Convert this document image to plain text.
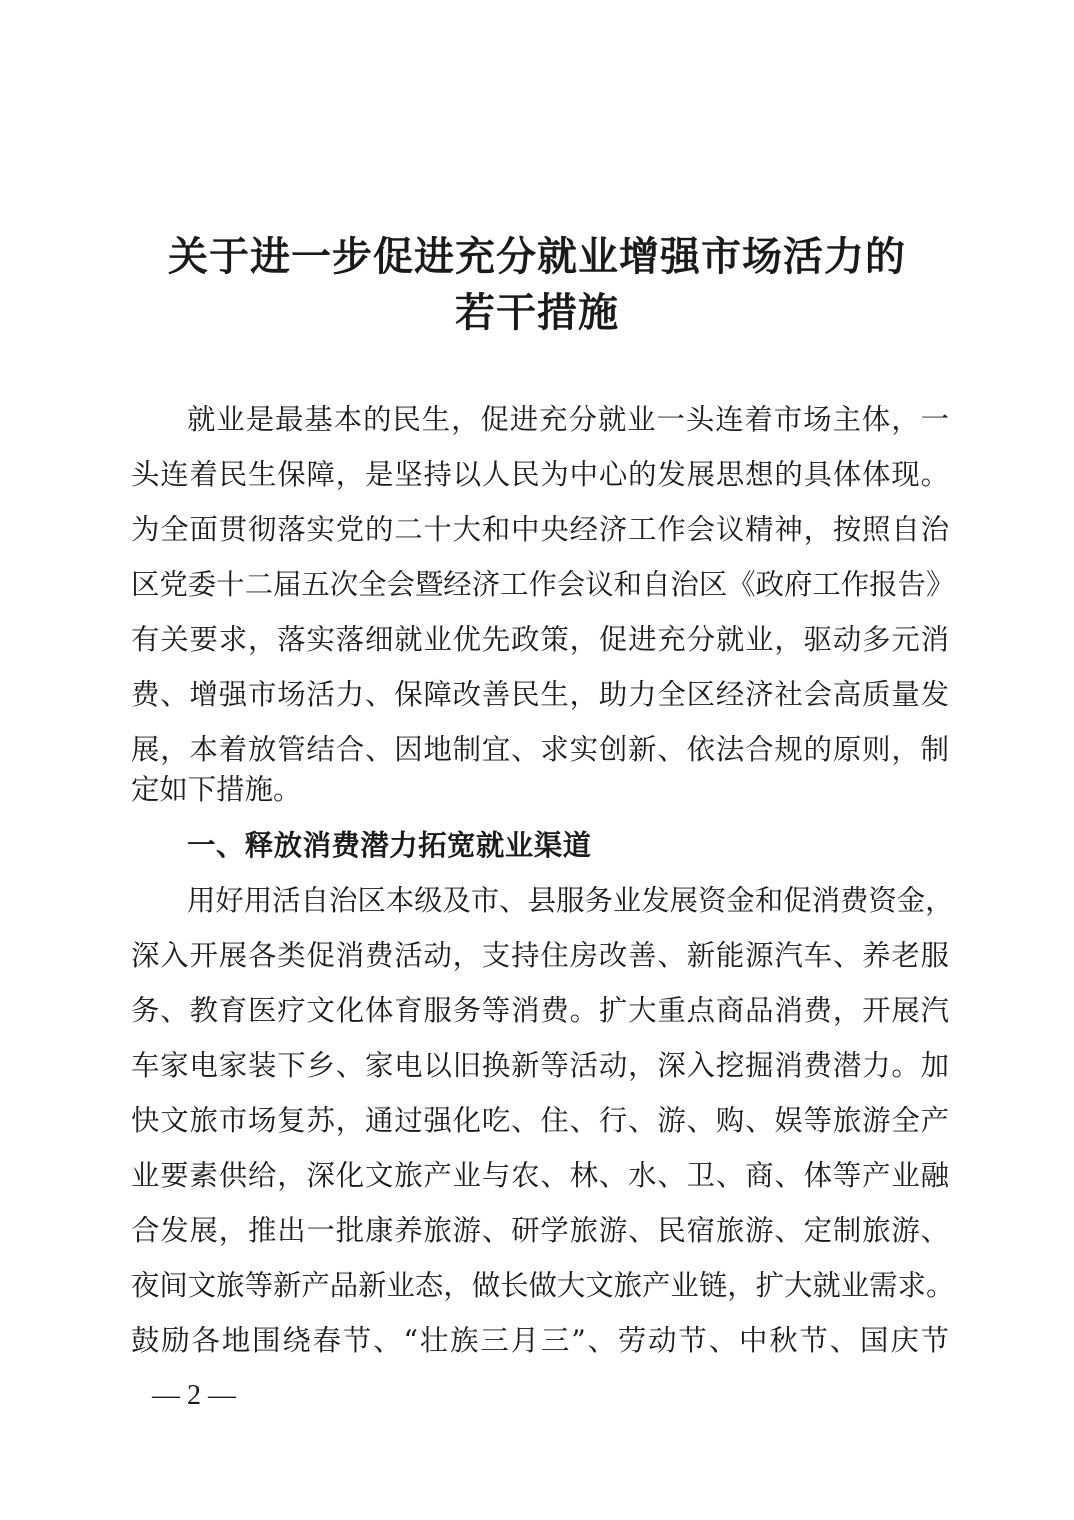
关于进一步促进充分就业增强市场活力的
若干措施
就业是最基本的民生，促进充分就业一头连着市场主体，一
头连着民生保障，是坚持以人民为中心的发展思想的具体体现。
为全面贯彻落实党的二十大和中央经济工作会议精神，按照自治
区党委十二届五次全会暨经济工作会议和自治区《政府工作报告》
有关要求，落实落细就业优先政策，促进充分就业，驱动多元消
费、增强市场活力、保障改善民生，助力全区经济社会高质量发
展，本着放管结合、因地制宜、求实创新、依法合规的原则，制
定如下措施。
一、释放消费潜力拓宽就业渠道
用好用活自治区本级及市、县服务业发展资金和促消费资金，
深入开展各类促消费活动，支持住房改善、新能源汽车、养老服
务、教育医疗文化体育服务等消费。扩大重点商品消费，开展汽
车家电家装下乡、家电以旧换新等活动，深入挖掘消费潜力。加
快文旅市场复苏，通过强化吃、住、行、游、购、娱等旅游全产
业要素供给，深化文旅产业与农、林、水、卫、商、体等产业融
合发展，推出一批康养旅游、研学旅游、民宿旅游、定制旅游、
夜间文旅等新产品新业态，做长做大文旅产业链，扩大就业需求。
鼓励各地围绕春节、“壮族三月三”、劳动节、中秋节、国庆节
— 2 —
